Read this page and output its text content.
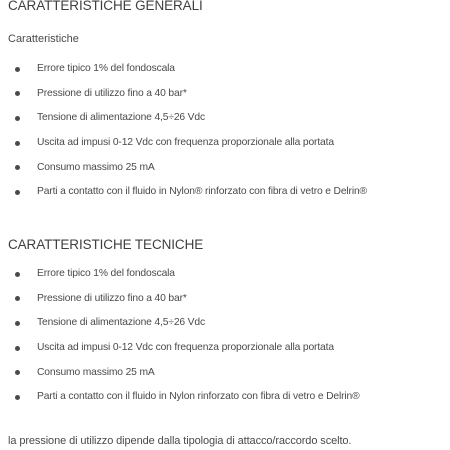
CARATTERISTICHE GENERALI
Caratteristiche
Errore tipico 1% del fondoscala
Pressione di utilizzo fino a 40 bar*
Tensione di alimentazione 4,5÷26 Vdc
Uscita ad impusi 0-12 Vdc con frequenza proporzionale alla portata
Consumo massimo 25 mA
Parti a contatto con il fluido in Nylon® rinforzato con fibra di vetro e Delrin®
CARATTERISTICHE TECNICHE
Errore tipico 1% del fondoscala
Pressione di utilizzo fino a 40 bar*
Tensione di alimentazione 4,5÷26 Vdc
Uscita ad impusi 0-12 Vdc con frequenza proporzionale alla portata
Consumo massimo 25 mA
Parti a contatto con il fluido in Nylon rinforzato con fibra di vetro e Delrin®

la pressione di utilizzo dipende dalla tipologia di attacco/raccordo scelto.
